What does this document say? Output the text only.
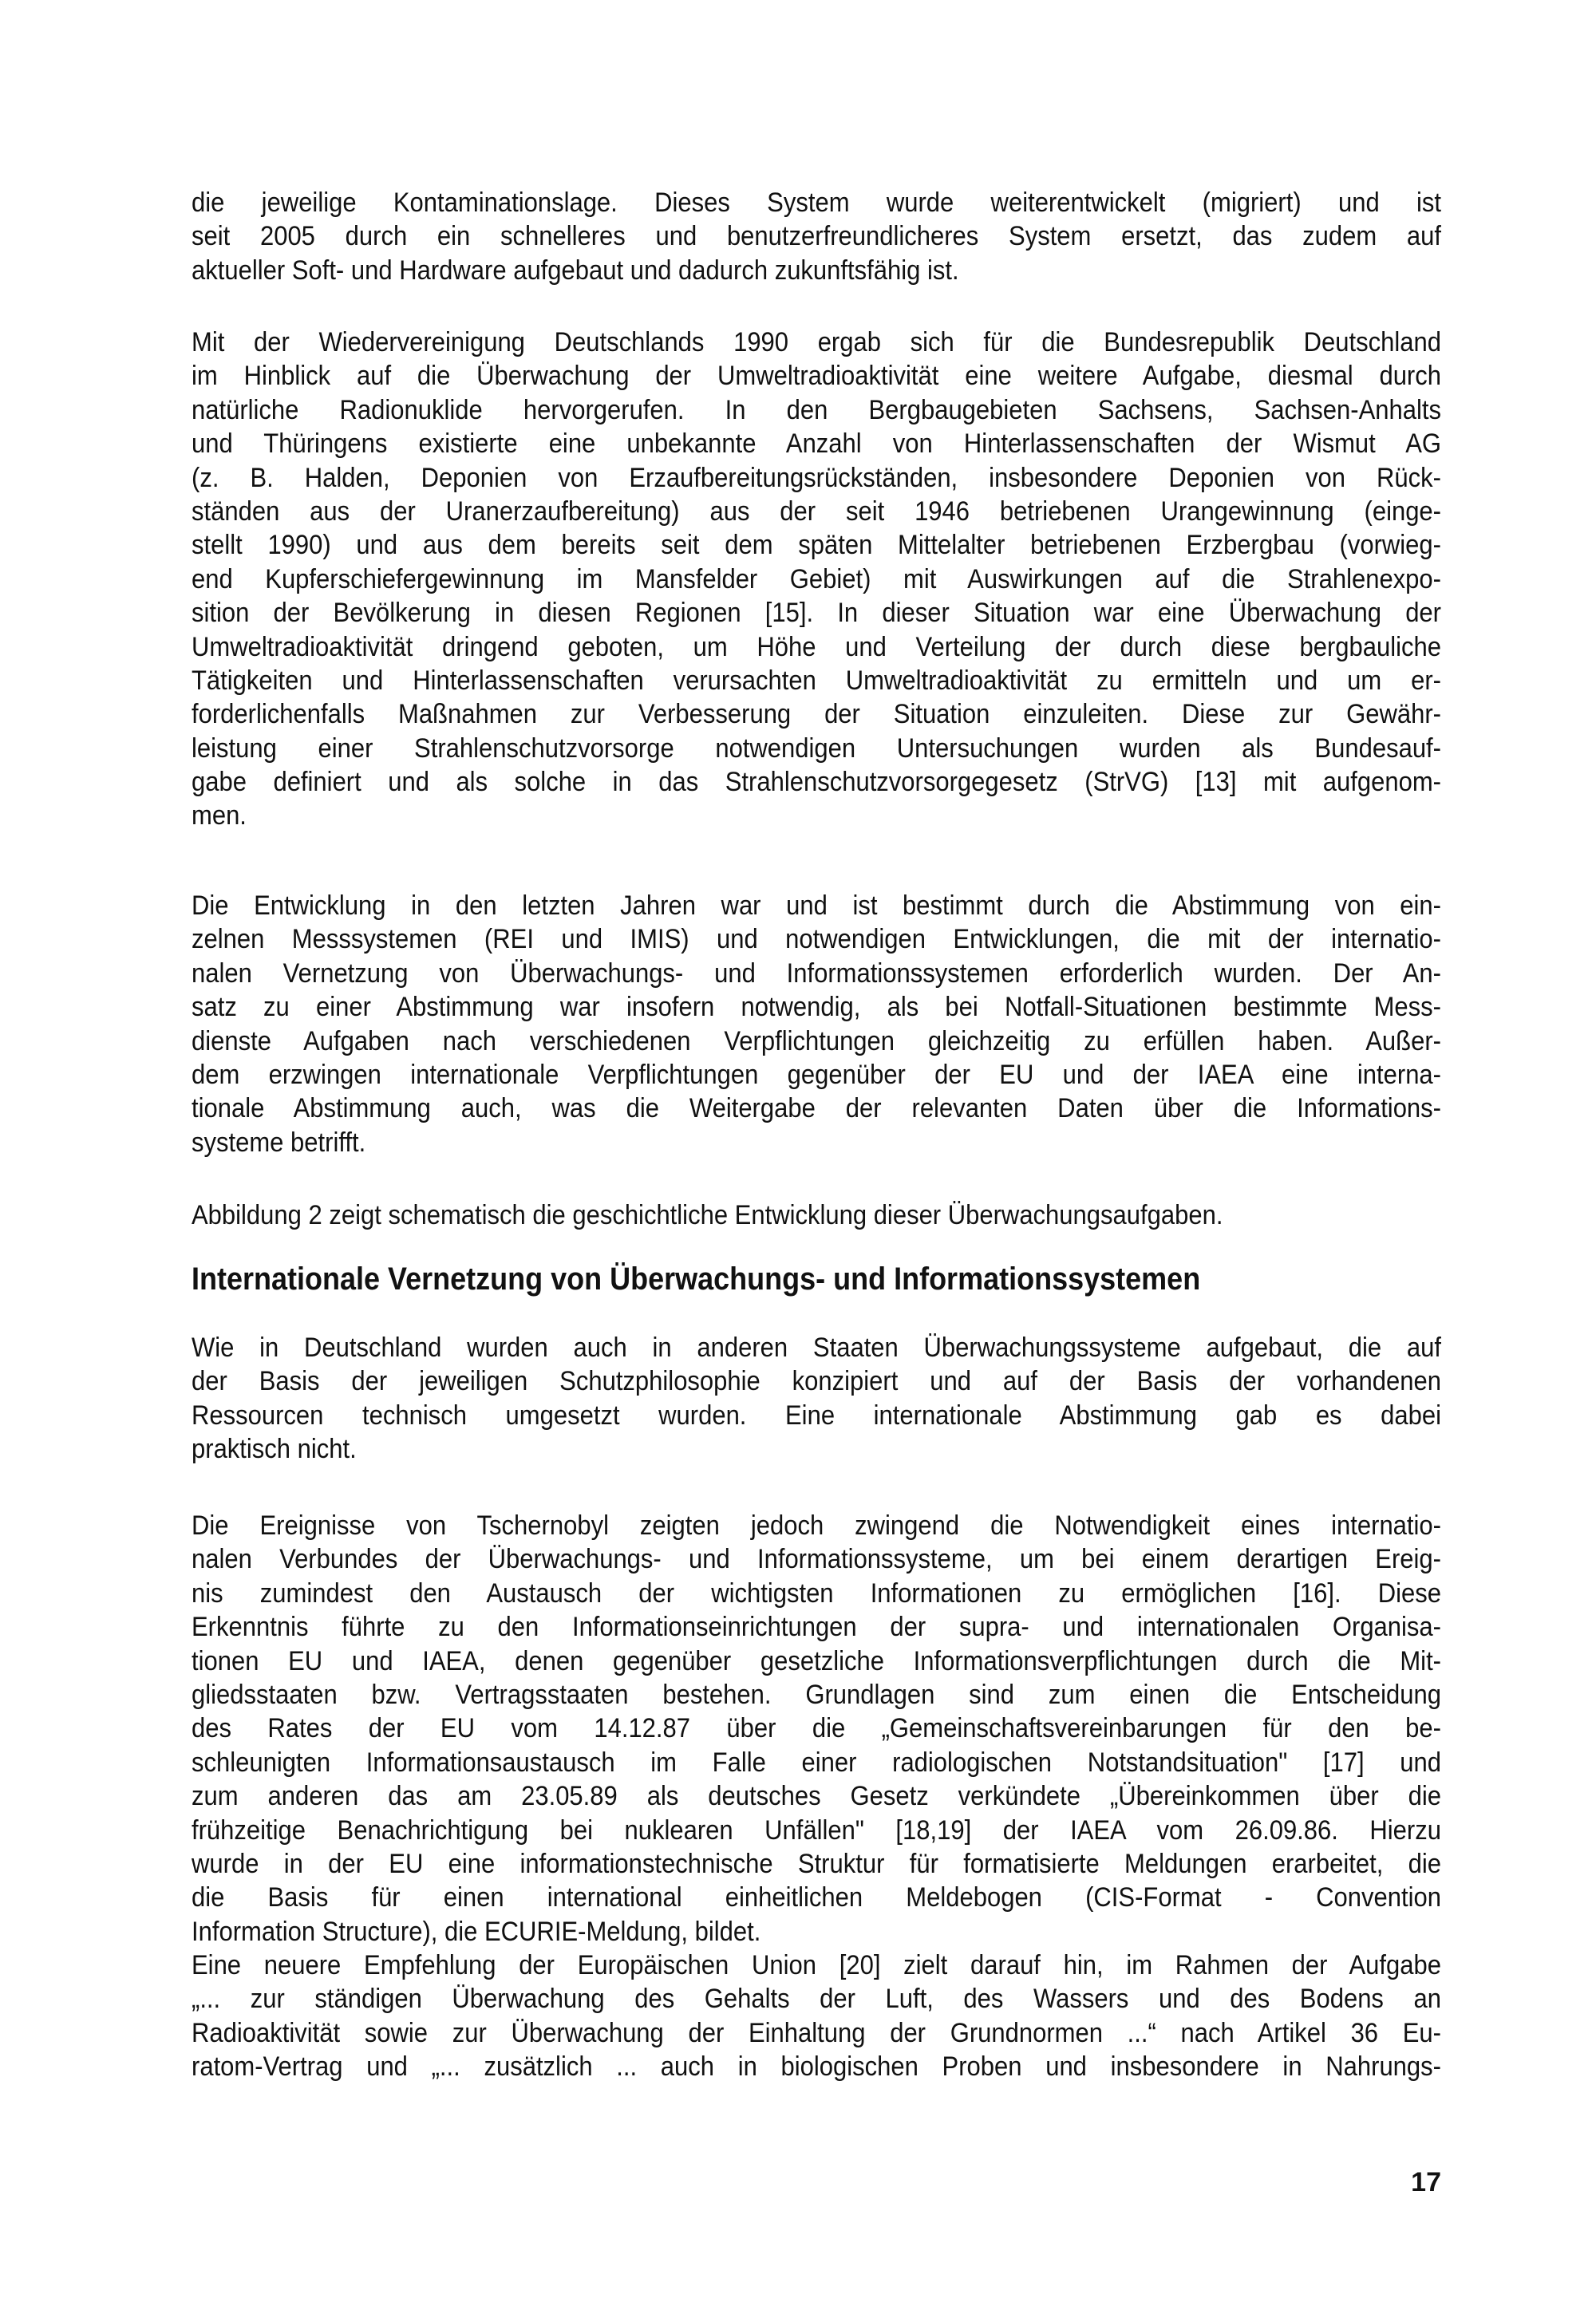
die jeweilige Kontaminationslage. Dieses System wurde weiterentwickelt (migriert) und ist
seit 2005 durch ein schnelleres und benutzerfreundlicheres System ersetzt, das zudem auf
aktueller Soft- und Hardware aufgebaut und dadurch zukunftsfähig ist.
Mit der Wiedervereinigung Deutschlands 1990 ergab sich für die Bundesrepublik Deutschland
im Hinblick auf die Überwachung der Umweltradioaktivität eine weitere Aufgabe, diesmal durch
natürliche Radionuklide hervorgerufen. In den Bergbaugebieten Sachsens, Sachsen-Anhalts
und Thüringens existierte eine unbekannte Anzahl von Hinterlassenschaften der Wismut AG
(z. B. Halden, Deponien von Erzaufbereitungsrückständen, insbesondere Deponien von Rück-
ständen aus der Uranerzaufbereitung) aus der seit 1946 betriebenen Urangewinnung (einge-
stellt 1990) und aus dem bereits seit dem späten Mittelalter betriebenen Erzbergbau (vorwieg-
end Kupferschiefergewinnung im Mansfelder Gebiet) mit Auswirkungen auf die Strahlenexpo-
sition der Bevölkerung in diesen Regionen [15]. In dieser Situation war eine Überwachung der
Umweltradioaktivität dringend geboten, um Höhe und Verteilung der durch diese bergbauliche
Tätigkeiten und Hinterlassenschaften verursachten Umweltradioaktivität zu ermitteln und um er-
forderlichenfalls Maßnahmen zur Verbesserung der Situation einzuleiten. Diese zur Gewähr-
leistung einer Strahlenschutzvorsorge notwendigen Untersuchungen wurden als Bundesauf-
gabe definiert und als solche in das Strahlenschutzvorsorgegesetz (StrVG) [13] mit aufgenom-
men.
Die Entwicklung in den letzten Jahren war und ist bestimmt durch die Abstimmung von ein-
zelnen Messsystemen (REI und IMIS) und notwendigen Entwicklungen, die mit der internatio-
nalen Vernetzung von Überwachungs- und Informationssystemen erforderlich wurden. Der An-
satz zu einer Abstimmung war insofern notwendig, als bei Notfall-Situationen bestimmte Mess-
dienste Aufgaben nach verschiedenen Verpflichtungen gleichzeitig zu erfüllen haben. Außer-
dem erzwingen internationale Verpflichtungen gegenüber der EU und der IAEA eine interna-
tionale Abstimmung auch, was die Weitergabe der relevanten Daten über die Informations-
systeme betrifft.
Abbildung 2 zeigt schematisch die geschichtliche Entwicklung dieser Überwachungsaufgaben.
Internationale Vernetzung von Überwachungs- und Informationssystemen
Wie in Deutschland wurden auch in anderen Staaten Überwachungssysteme aufgebaut, die auf
der Basis der jeweiligen Schutzphilosophie konzipiert und auf der Basis der vorhandenen
Ressourcen technisch umgesetzt wurden. Eine internationale Abstimmung gab es dabei
praktisch nicht.
Die Ereignisse von Tschernobyl zeigten jedoch zwingend die Notwendigkeit eines internatio-
nalen Verbundes der Überwachungs- und Informationssysteme, um bei einem derartigen Ereig-
nis zumindest den Austausch der wichtigsten Informationen zu ermöglichen [16]. Diese
Erkenntnis führte zu den Informationseinrichtungen der supra- und internationalen Organisa-
tionen EU und IAEA, denen gegenüber gesetzliche Informationsverpflichtungen durch die Mit-
gliedsstaaten bzw. Vertragsstaaten bestehen. Grundlagen sind zum einen die Entscheidung
des Rates der EU vom 14.12.87 über die „Gemeinschaftsvereinbarungen für den be-
schleunigten Informationsaustausch im Falle einer radiologischen Notstandsituation" [17] und
zum anderen das am 23.05.89 als deutsches Gesetz verkündete „Übereinkommen über die
frühzeitige Benachrichtigung bei nuklearen Unfällen" [18,19] der IAEA vom 26.09.86. Hierzu
wurde in der EU eine informationstechnische Struktur für formatisierte Meldungen erarbeitet, die
die Basis für einen international einheitlichen Meldebogen (CIS-Format - Convention
Information Structure), die ECURIE-Meldung, bildet.
Eine neuere Empfehlung der Europäischen Union [20] zielt darauf hin, im Rahmen der Aufgabe
„... zur ständigen Überwachung des Gehalts der Luft, des Wassers und des Bodens an
Radioaktivität sowie zur Überwachung der Einhaltung der Grundnormen ...“ nach Artikel 36 Eu-
ratom-Vertrag und „... zusätzlich ... auch in biologischen Proben und insbesondere in Nahrungs-
17
